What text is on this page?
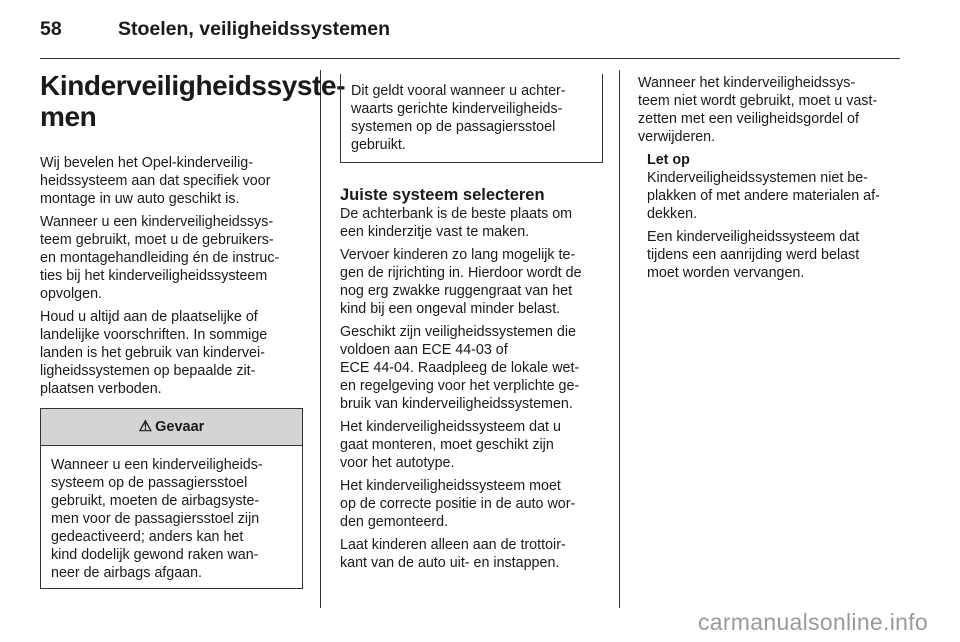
58	Stoelen, veiligheidssystemen
Kinderveiligheidssyste-
men

Wij bevelen het Opel-kinderveilig-
heidssysteem aan dat specifiek voor
montage in uw auto geschikt is.

Wanneer u een kinderveiligheidssys-
teem gebruikt, moet u de gebruikers-
en montagehandleiding én de instruc-
ties bij het kinderveiligheidssysteem
opvolgen.

Houd u altijd aan de plaatselijke of
landelijke voorschriften. In sommige
landen is het gebruik van kindervei-
ligheidssystemen op bepaalde zit-
plaatsen verboden.

⚠ Gevaar
Wanneer u een kinderveiligheids-
systeem op de passagiersstoel
gebruikt, moeten de airbagsyste-
men voor de passagiersstoel zijn
gedeactiveerd; anders kan het
kind dodelijk gewond raken wan-
neer de airbags afgaan.
Dit geldt vooral wanneer u achter-
waarts gerichte kinderveiligheids-
systemen op de passagiersstoel
gebruikt.
Juiste systeem selecteren

De achterbank is de beste plaats om
een kinderzitje vast te maken.

Vervoer kinderen zo lang mogelijk te-
gen de rijrichting in. Hierdoor wordt de
nog erg zwakke ruggengraat van het
kind bij een ongeval minder belast.

Geschikt zijn veiligheidssystemen die
voldoen aan ECE 44-03 of
ECE 44-04. Raadpleeg de lokale wet-
en regelgeving voor het verplichte ge-
bruik van kinderveiligheidssystemen.

Het kinderveiligheidssysteem dat u
gaat monteren, moet geschikt zijn
voor het autotype.

Het kinderveiligheidssysteem moet
op de correcte positie in de auto wor-
den gemonteerd.

Laat kinderen alleen aan de trottoir-
kant van de auto uit- en instappen.

Wanneer het kinderveiligheidssys-
teem niet wordt gebruikt, moet u vast-
zetten met een veiligheidsgordel of
verwijderen.

Let op

Kinderveiligheidssystemen niet be-
plakken of met andere materialen af-
dekken.

Een kinderveiligheidssysteem dat
tijdens een aanrijding werd belast
moet worden vervangen.

carmanualsonline.info
